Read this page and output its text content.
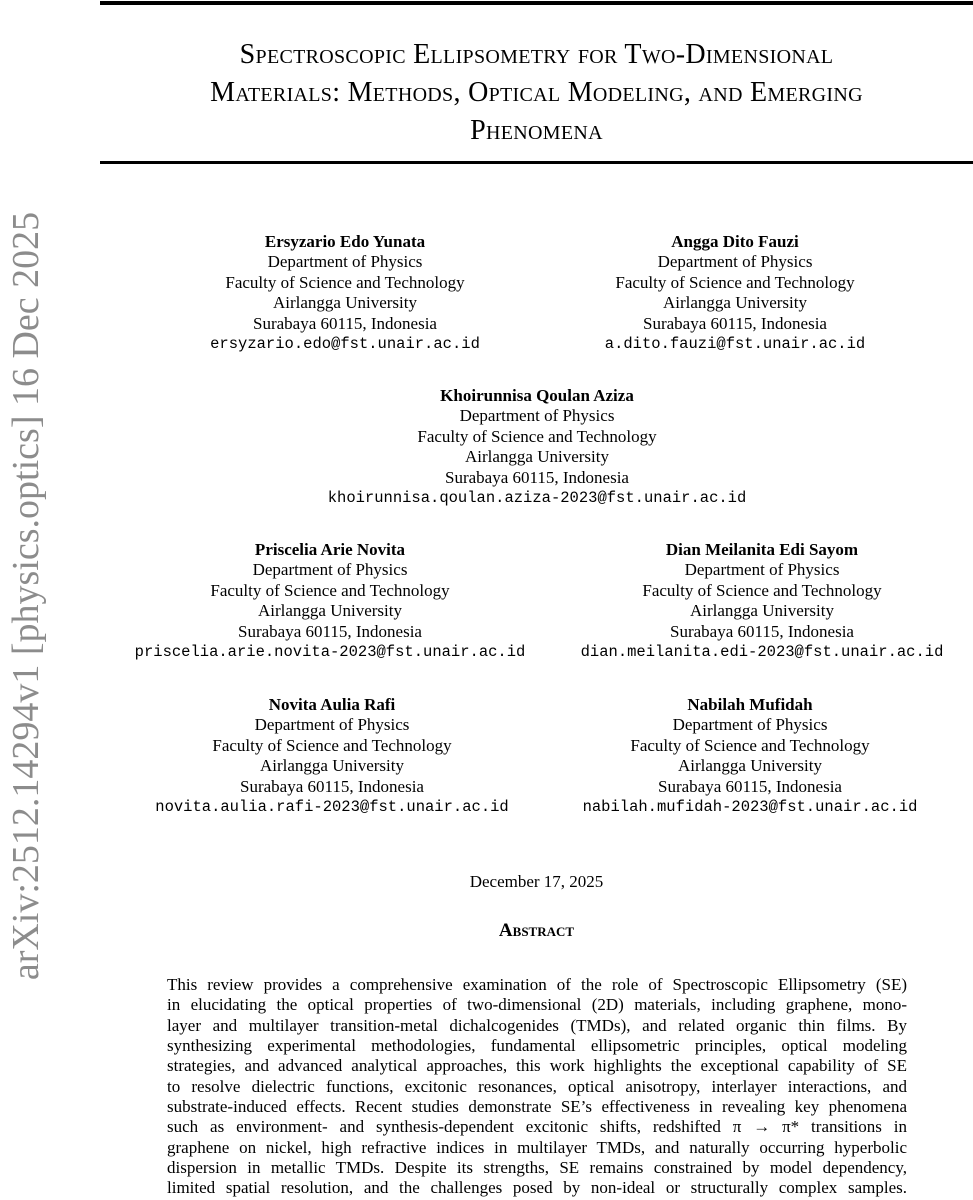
Spectroscopic Ellipsometry for Two-Dimensional
Materials: Methods, Optical Modeling, and Emerging
Phenomena
arXiv:2512.14294v1 [physics.optics] 16 Dec 2025	Ersyzario Edo Yunata
Department of Physics
Faculty of Science and Technology
Airlangga University
Surabaya 60115, Indonesia
ersyzario.edo@fst.unair.ac.id
Angga Dito Fauzi
Department of Physics
Faculty of Science and Technology
Airlangga University
Surabaya 60115, Indonesia
a.dito.fauzi@fst.unair.ac.id
Khoirunnisa Qoulan Aziza
Department of Physics
Faculty of Science and Technology
Airlangga University
Surabaya 60115, Indonesia
khoirunnisa.qoulan.aziza-2023@fst.unair.ac.id
Priscelia Arie Novita
Department of Physics
Faculty of Science and Technology
Airlangga University
Surabaya 60115, Indonesia
priscelia.arie.novita-2023@fst.unair.ac.id
Dian Meilanita Edi Sayom
Department of Physics
Faculty of Science and Technology
Airlangga University
Surabaya 60115, Indonesia
dian.meilanita.edi-2023@fst.unair.ac.id
Novita Aulia Rafi
Department of Physics
Faculty of Science and Technology
Airlangga University
Surabaya 60115, Indonesia
novita.aulia.rafi-2023@fst.unair.ac.id
Nabilah Mufidah
Department of Physics
Faculty of Science and Technology
Airlangga University
Surabaya 60115, Indonesia
nabilah.mufidah-2023@fst.unair.ac.id
December 17, 2025
Abstract
This review provides a comprehensive examination of the role of Spectroscopic Ellipsometry (SE)
in elucidating the optical properties of two-dimensional (2D) materials, including graphene, mono-
layer and multilayer transition-metal dichalcogenides (TMDs), and related organic thin films. By
synthesizing experimental methodologies, fundamental ellipsometric principles, optical modeling
strategies, and advanced analytical approaches, this work highlights the exceptional capability of SE
to resolve dielectric functions, excitonic resonances, optical anisotropy, interlayer interactions, and
substrate-induced effects. Recent studies demonstrate SE’s effectiveness in revealing key phenomena
such as environment- and synthesis-dependent excitonic shifts, redshifted π → π* transitions in
graphene on nickel, high refractive indices in multilayer TMDs, and naturally occurring hyperbolic
dispersion in metallic TMDs. Despite its strengths, SE remains constrained by model dependency,
limited spatial resolution, and the challenges posed by non-ideal or structurally complex samples.
